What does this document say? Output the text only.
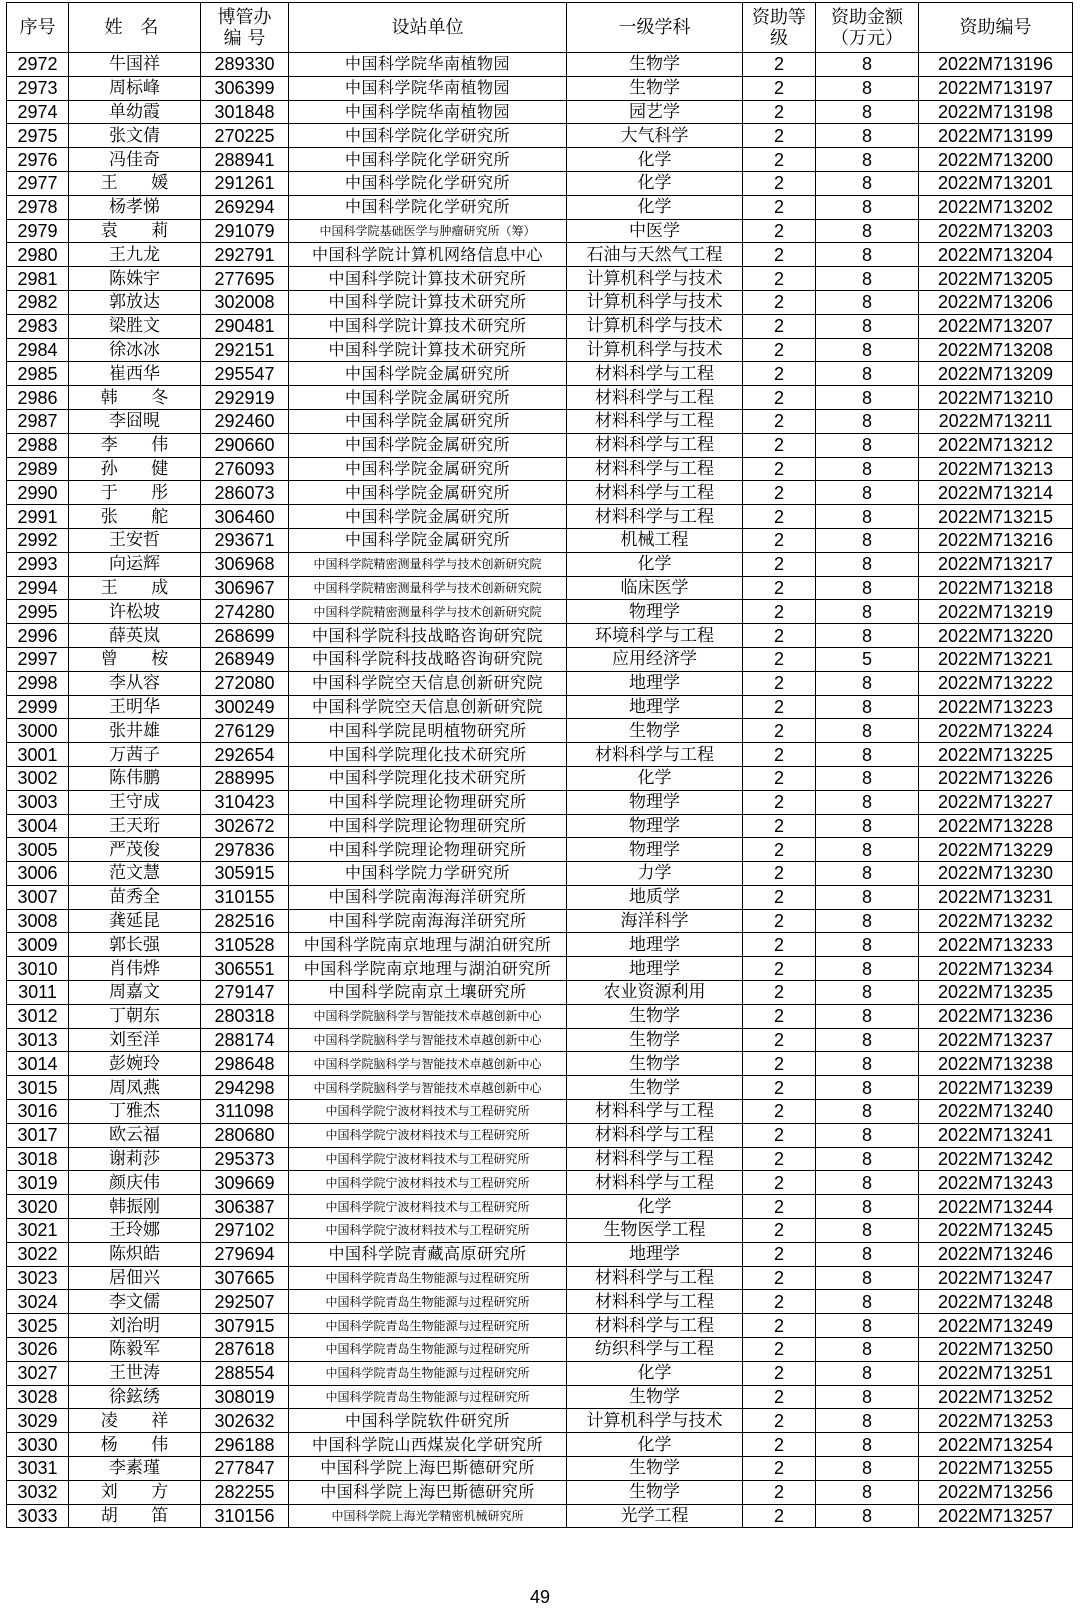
序号	姓 名	博管办编 号	设站单位	一级学科	资助等级	资助金额（万元）	资助编号
2972	牛国祥	289330	中国科学院华南植物园	生物学	2	8	2022M713196
2973	周标峰	306399	中国科学院华南植物园	生物学	2	8	2022M713197
2974	单幼霞	301848	中国科学院华南植物园	园艺学	2	8	2022M713198
2975	张文倩	270225	中国科学院化学研究所	大气科学	2	8	2022M713199
2976	冯佳奇	288941	中国科学院化学研究所	化学	2	8	2022M713200
2977	王 媛	291261	中国科学院化学研究所	化学	2	8	2022M713201
2978	杨孝悌	269294	中国科学院化学研究所	化学	2	8	2022M713202
2979	袁 莉	291079	中国科学院基础医学与肿瘤研究所（筹）	中医学	2	8	2022M713203
2980	王九龙	292791	中国科学院计算机网络信息中心	石油与天然气工程	2	8	2022M713204
2981	陈姝宇	277695	中国科学院计算技术研究所	计算机科学与技术	2	8	2022M713205
2982	郭放达	302008	中国科学院计算技术研究所	计算机科学与技术	2	8	2022M713206
2983	梁胜文	290481	中国科学院计算技术研究所	计算机科学与技术	2	8	2022M713207
2984	徐冰冰	292151	中国科学院计算技术研究所	计算机科学与技术	2	8	2022M713208
2985	崔西华	295547	中国科学院金属研究所	材料科学与工程	2	8	2022M713209
2986	韩 冬	292919	中国科学院金属研究所	材料科学与工程	2	8	2022M713210
2987	李囧晛	292460	中国科学院金属研究所	材料科学与工程	2	8	2022M713211
2988	李 伟	290660	中国科学院金属研究所	材料科学与工程	2	8	2022M713212
2989	孙 健	276093	中国科学院金属研究所	材料科学与工程	2	8	2022M713213
2990	于 彤	286073	中国科学院金属研究所	材料科学与工程	2	8	2022M713214
2991	张 舵	306460	中国科学院金属研究所	材料科学与工程	2	8	2022M713215
2992	王安哲	293671	中国科学院金属研究所	机械工程	2	8	2022M713216
2993	向运辉	306968	中国科学院精密测量科学与技术创新研究院	化学	2	8	2022M713217
2994	王 成	306967	中国科学院精密测量科学与技术创新研究院	临床医学	2	8	2022M713218
2995	许松坡	274280	中国科学院精密测量科学与技术创新研究院	物理学	2	8	2022M713219
2996	薛英岚	268699	中国科学院科技战略咨询研究院	环境科学与工程	2	8	2022M713220
2997	曾 桉	268949	中国科学院科技战略咨询研究院	应用经济学	2	5	2022M713221
2998	李从容	272080	中国科学院空天信息创新研究院	地理学	2	8	2022M713222
2999	王明华	300249	中国科学院空天信息创新研究院	地理学	2	8	2022M713223
3000	张井雄	276129	中国科学院昆明植物研究所	生物学	2	8	2022M713224
3001	万茜子	292654	中国科学院理化技术研究所	材料科学与工程	2	8	2022M713225
3002	陈伟鹏	288995	中国科学院理化技术研究所	化学	2	8	2022M713226
3003	王守成	310423	中国科学院理论物理研究所	物理学	2	8	2022M713227
3004	王天珩	302672	中国科学院理论物理研究所	物理学	2	8	2022M713228
3005	严茂俊	297836	中国科学院理论物理研究所	物理学	2	8	2022M713229
3006	范文慧	305915	中国科学院力学研究所	力学	2	8	2022M713230
3007	苗秀全	310155	中国科学院南海海洋研究所	地质学	2	8	2022M713231
3008	龚延昆	282516	中国科学院南海海洋研究所	海洋科学	2	8	2022M713232
3009	郭长强	310528	中国科学院南京地理与湖泊研究所	地理学	2	8	2022M713233
3010	肖伟烨	306551	中国科学院南京地理与湖泊研究所	地理学	2	8	2022M713234
3011	周嘉文	279147	中国科学院南京土壤研究所	农业资源利用	2	8	2022M713235
3012	丁朝东	280318	中国科学院脑科学与智能技术卓越创新中心	生物学	2	8	2022M713236
3013	刘至洋	288174	中国科学院脑科学与智能技术卓越创新中心	生物学	2	8	2022M713237
3014	彭婉玲	298648	中国科学院脑科学与智能技术卓越创新中心	生物学	2	8	2022M713238
3015	周凤燕	294298	中国科学院脑科学与智能技术卓越创新中心	生物学	2	8	2022M713239
3016	丁雅杰	311098	中国科学院宁波材料技术与工程研究所	材料科学与工程	2	8	2022M713240
3017	欧云福	280680	中国科学院宁波材料技术与工程研究所	材料科学与工程	2	8	2022M713241
3018	谢莉莎	295373	中国科学院宁波材料技术与工程研究所	材料科学与工程	2	8	2022M713242
3019	颜庆伟	309669	中国科学院宁波材料技术与工程研究所	材料科学与工程	2	8	2022M713243
3020	韩振刚	306387	中国科学院宁波材料技术与工程研究所	化学	2	8	2022M713244
3021	王玲娜	297102	中国科学院宁波材料技术与工程研究所	生物医学工程	2	8	2022M713245
3022	陈炽皓	279694	中国科学院青藏高原研究所	地理学	2	8	2022M713246
3023	居佃兴	307665	中国科学院青岛生物能源与过程研究所	材料科学与工程	2	8	2022M713247
3024	李文儒	292507	中国科学院青岛生物能源与过程研究所	材料科学与工程	2	8	2022M713248
3025	刘治明	307915	中国科学院青岛生物能源与过程研究所	材料科学与工程	2	8	2022M713249
3026	陈毅军	287618	中国科学院青岛生物能源与过程研究所	纺织科学与工程	2	8	2022M713250
3027	王世涛	288554	中国科学院青岛生物能源与过程研究所	化学	2	8	2022M713251
3028	徐鉉绣	308019	中国科学院青岛生物能源与过程研究所	生物学	2	8	2022M713252
3029	凌 祥	302632	中国科学院软件研究所	计算机科学与技术	2	8	2022M713253
3030	杨 伟	296188	中国科学院山西煤炭化学研究所	化学	2	8	2022M713254
3031	李素瑾	277847	中国科学院上海巴斯德研究所	生物学	2	8	2022M713255
3032	刘 方	282255	中国科学院上海巴斯德研究所	生物学	2	8	2022M713256
3033	胡 笛	310156	中国科学院上海光学精密机械研究所	光学工程	2	8	2022M713257
49
